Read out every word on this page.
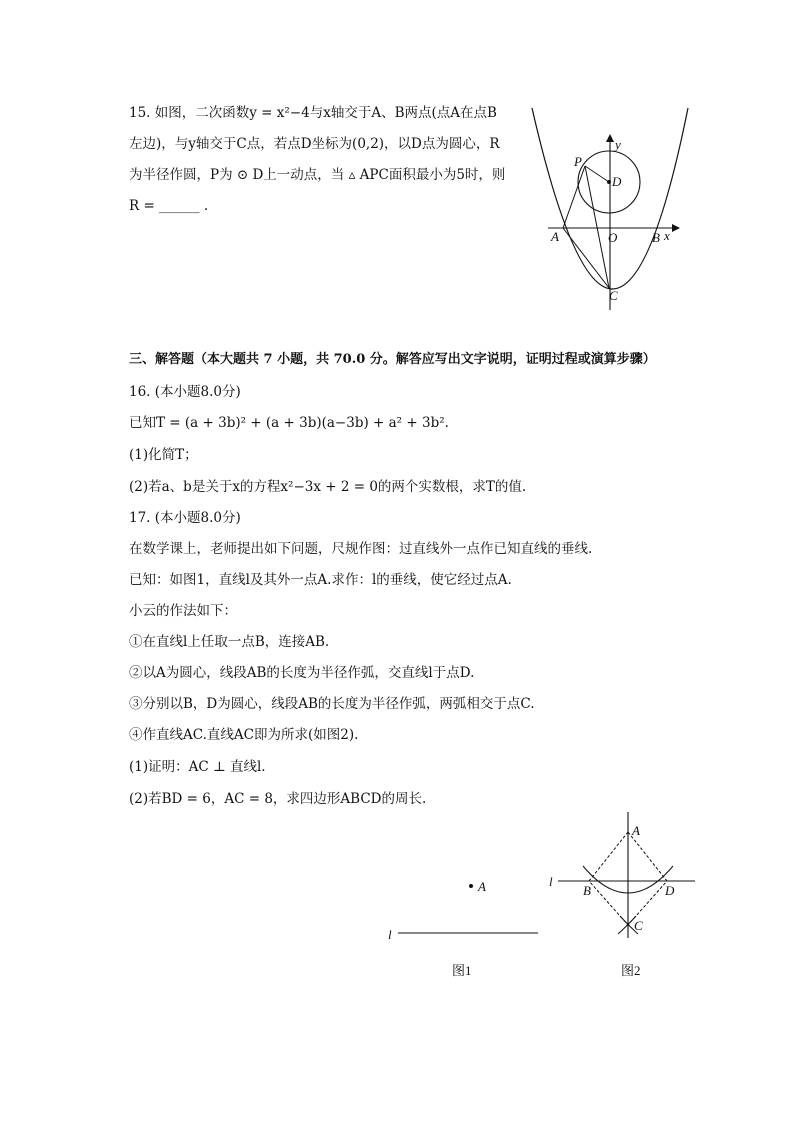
15. 如图，二次函数y = x²−4与x轴交于A、B两点(点A在点B
左边)，与y轴交于C点，若点D坐标为(0,2)，以D点为圆心，R
为半径作圆，P为 ⊙ D上一动点，当 ▵ APC面积最小为5时，则
R = ______ .
P
y
D
A	O	B x
C
三、解答题（本大题共 7 小题，共 70.0 分。解答应写出文字说明，证明过程或演算步骤）
16. (本小题8.0分)
已知T = (a + 3b)² + (a + 3b)(a−3b) + a² + 3b².
(1)化简T；
(2)若a、b是关于x的方程x²−3x + 2 = 0的两个实数根，求T的值.
17. (本小题8.0分)
在数学课上，老师提出如下问题，尺规作图：过直线外一点作已知直线的垂线.
已知：如图1，直线l及其外一点A.求作：l的垂线，使它经过点A.
小云的作法如下：
①在直线l上任取一点B，连接AB.
②以A为圆心，线段AB的长度为半径作弧，交直线l于点D.
③分别以B，D为圆心，线段AB的长度为半径作弧，两弧相交于点C.
④作直线AC.直线AC即为所求(如图2).
(1)证明：AC ⊥ 直线l.
(2)若BD = 6，AC = 8，求四边形ABCD的周长.
A
l
图1
l
A
B	D
C
图2
